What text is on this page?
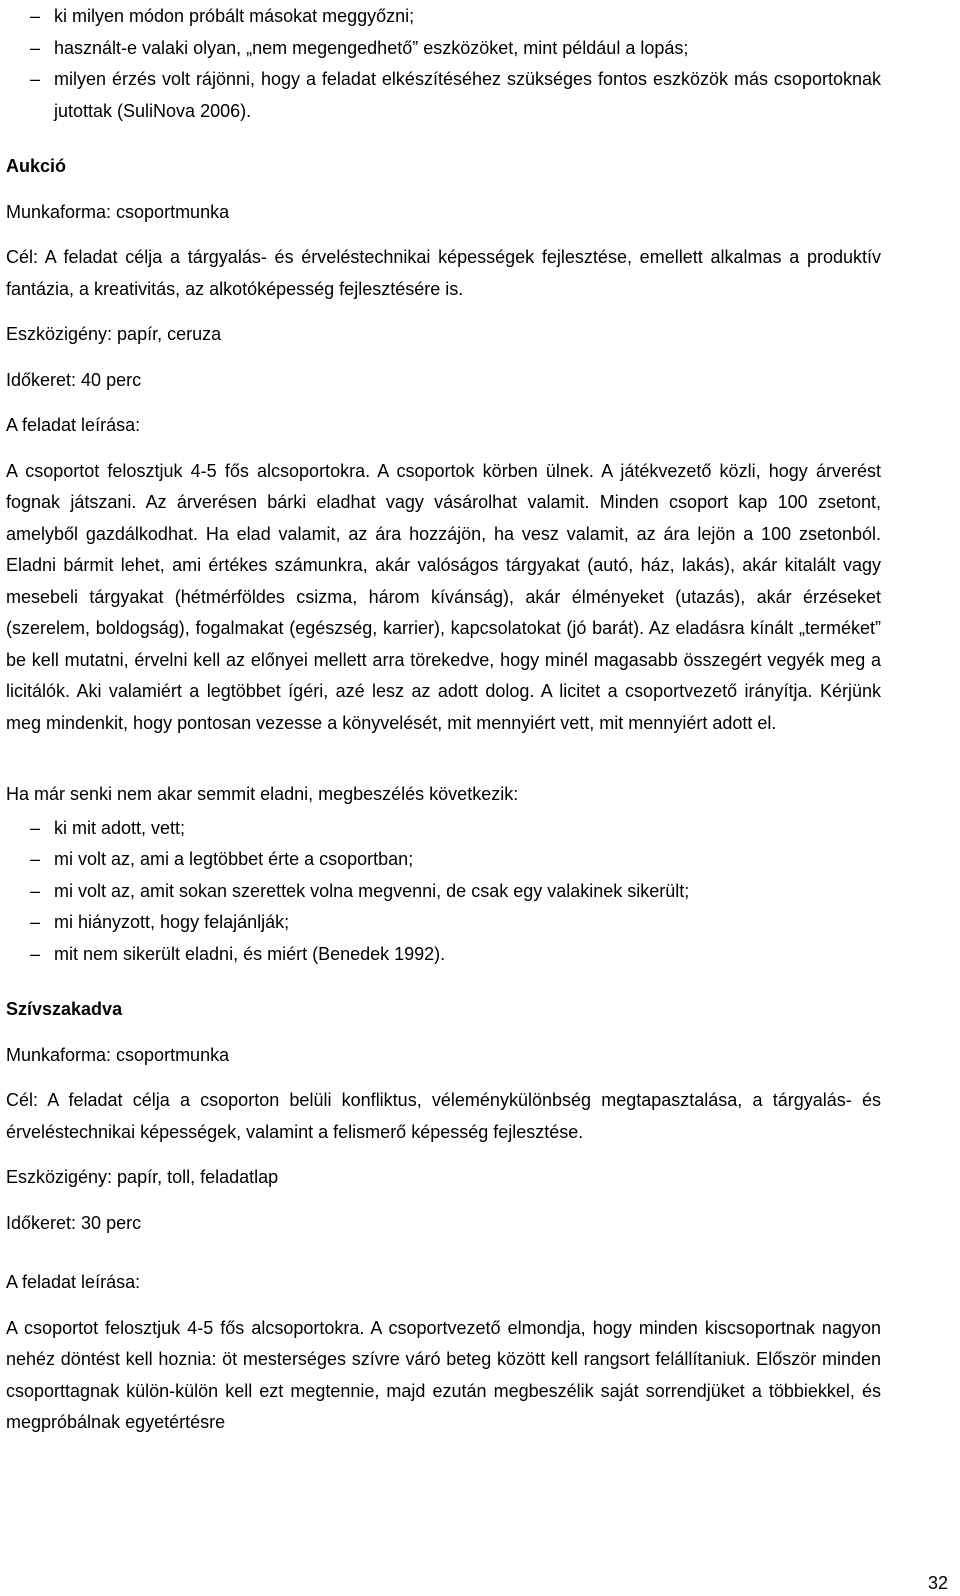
– ki milyen módon próbált másokat meggyőzni;
– használt-e valaki olyan, „nem megengedhető” eszközöket, mint például a lopás;
– milyen érzés volt rájönni, hogy a feladat elkészítéséhez szükséges fontos eszközök más csoportoknak jutottak (SuliNova 2006).

Aukció

Munkaforma: csoportmunka

Cél: A feladat célja a tárgyalás- és érveléstechnikai képességek fejlesztése, emellett alkalmas a produktív fantázia, a kreativitás, az alkotóképesség fejlesztésére is.

Eszközigény: papír, ceruza

Időkeret: 40 perc

A feladat leírása:

A csoportot felosztjuk 4-5 fős alcsoportokra. A csoportok körben ülnek. A játékvezető közli, hogy árverést fognak játszani. Az árverésen bárki eladhat vagy vásárolhat valamit. Minden csoport kap 100 zsetont, amelyből gazdálkodhat. Ha elad valamit, az ára hozzájön, ha vesz valamit, az ára lejön a 100 zsetonból. Eladni bármit lehet, ami értékes számunkra, akár valóságos tárgyakat (autó, ház, lakás), akár kitalált vagy mesebeli tárgyakat (hétmérföldes csizma, három kívánság), akár élményeket (utazás), akár érzéseket (szerelem, boldogság), fogalmakat (egészség, karrier), kapcsolatokat (jó barát). Az eladásra kínált „terméket” be kell mutatni, érvelni kell az előnyei mellett arra törekedve, hogy minél magasabb összegért vegyék meg a licitálók. Aki valamiért a legtöbbet ígéri, azé lesz az adott dolog. A licitet a csoportvezető irányítja. Kérjünk meg mindenkit, hogy pontosan vezesse a könyvelését, mit mennyiért vett, mit mennyiért adott el.

Ha már senki nem akar semmit eladni, megbeszélés következik:

– ki mit adott, vett;
– mi volt az, ami a legtöbbet érte a csoportban;
– mi volt az, amit sokan szerettek volna megvenni, de csak egy valakinek sikerült;
– mi hiányzott, hogy felajánlják;
– mit nem sikerült eladni, és miért (Benedek 1992).

Szívszakadva

Munkaforma: csoportmunka

Cél: A feladat célja a csoporton belüli konfliktus, véleménykülönbség megtapasztalása, a tárgyalás- és érveléstechnikai képességek, valamint a felismerő képesség fejlesztése.

Eszközigény: papír, toll, feladatlap

Időkeret: 30 perc

A feladat leírása:

A csoportot felosztjuk 4-5 fős alcsoportokra. A csoportvezető elmondja, hogy minden kiscsoportnak nagyon nehéz döntést kell hoznia: öt mesterséges szívre váró beteg között kell rangsort felállítaniuk. Először minden csoporttagnak külön-külön kell ezt megtennie, majd ezután megbeszélik saját sorrendjüket a többiekkel, és megpróbálnak egyetértésre

32
